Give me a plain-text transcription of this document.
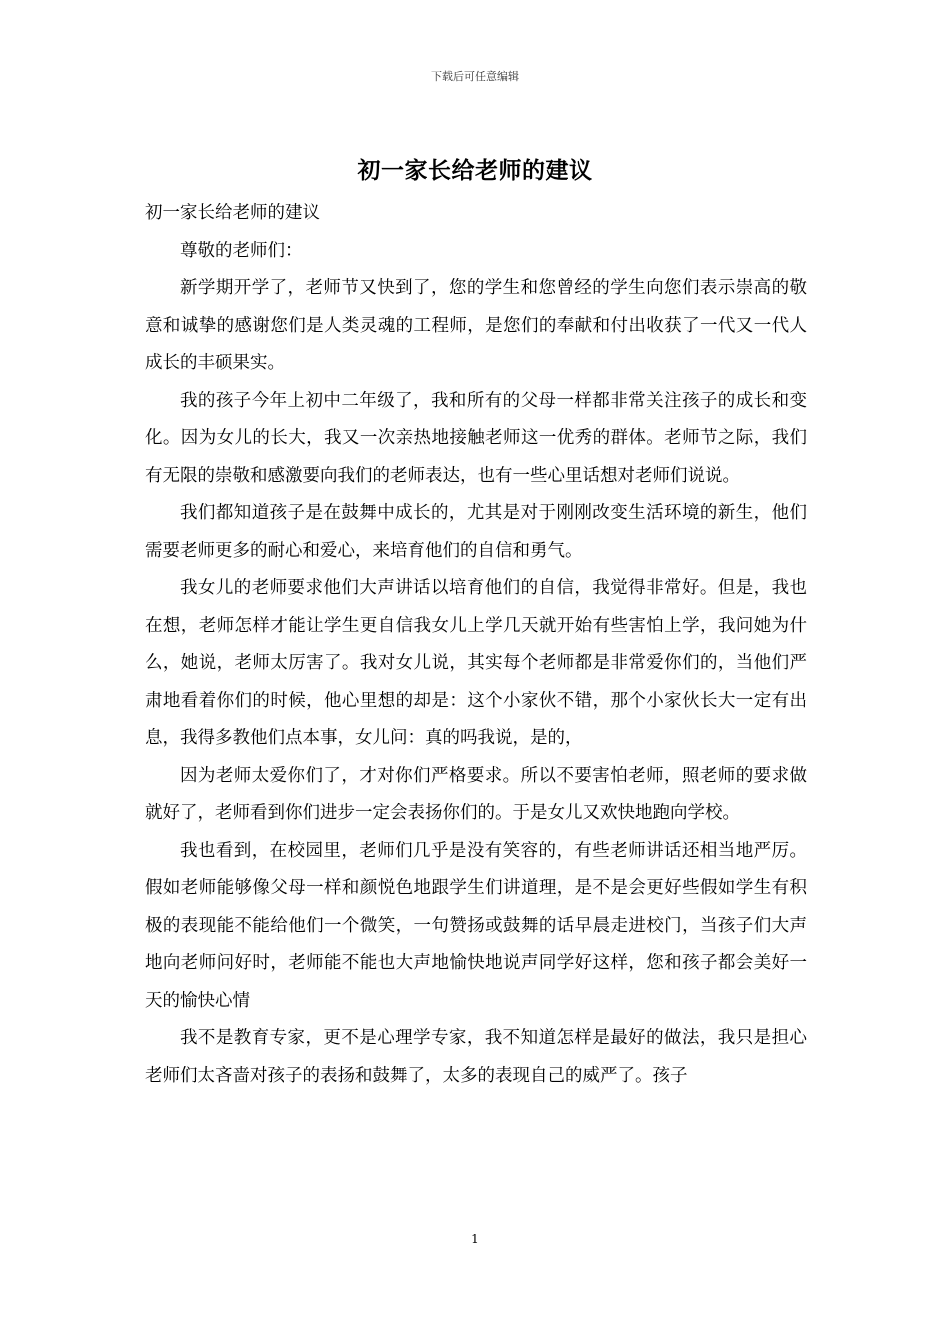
下载后可任意编辑
初一家长给老师的建议

初一家长给老师的建议

尊敬的老师们：

新学期开学了，老师节又快到了，您的学生和您曾经的学生向您们表示崇高的敬意和诚挚的感谢您们是人类灵魂的工程师，是您们的奉献和付出收获了一代又一代人成长的丰硕果实。

我的孩子今年上初中二年级了，我和所有的父母一样都非常关注孩子的成长和变化。因为女儿的长大，我又一次亲热地接触老师这一优秀的群体。老师节之际，我们有无限的崇敬和感激要向我们的老师表达，也有一些心里话想对老师们说说。

我们都知道孩子是在鼓舞中成长的，尤其是对于刚刚改变生活环境的新生，他们需要老师更多的耐心和爱心，来培育他们的自信和勇气。

我女儿的老师要求他们大声讲话以培育他们的自信，我觉得非常好。但是，我也在想，老师怎样才能让学生更自信我女儿上学几天就开始有些害怕上学，我问她为什么，她说，老师太厉害了。我对女儿说，其实每个老师都是非常爱你们的，当他们严肃地看着你们的时候，他心里想的却是：这个小家伙不错，那个小家伙长大一定有出息，我得多教他们点本事，女儿问：真的吗我说，是的，

因为老师太爱你们了，才对你们严格要求。所以不要害怕老师，照老师的要求做就好了，老师看到你们进步一定会表扬你们的。于是女儿又欢快地跑向学校。

我也看到，在校园里，老师们几乎是没有笑容的，有些老师讲话还相当地严厉。假如老师能够像父母一样和颜悦色地跟学生们讲道理，是不是会更好些假如学生有积极的表现能不能给他们一个微笑，一句赞扬或鼓舞的话早晨走进校门，当孩子们大声地向老师问好时，老师能不能也大声地愉快地说声同学好这样，您和孩子都会美好一天的愉快心情

我不是教育专家，更不是心理学专家，我不知道怎样是最好的做法，我只是担心老师们太吝啬对孩子的表扬和鼓舞了，太多的表现自己的威严了。孩子

1
